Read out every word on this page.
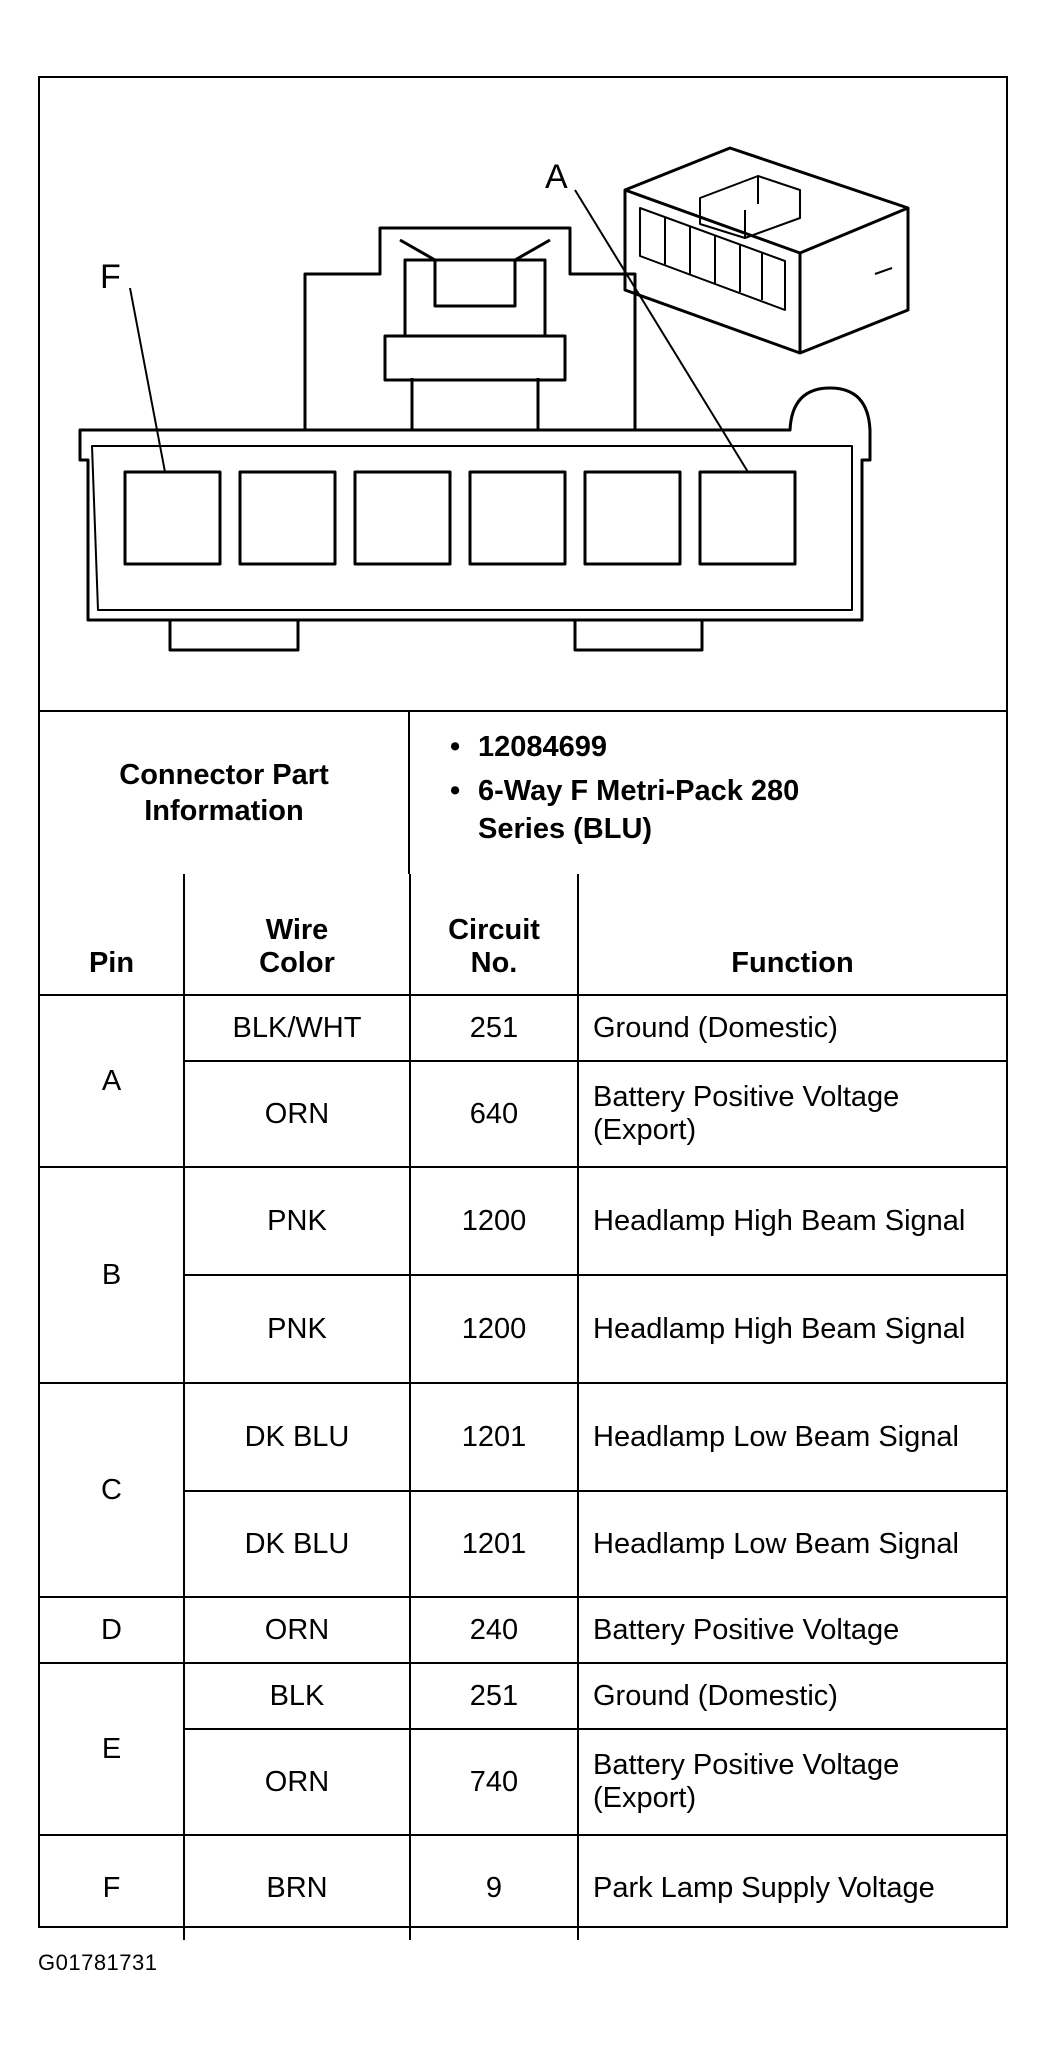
F
A
Connector Part Information
• 12084699
• 6-Way F Metri-Pack 280 Series (BLU)
Pin	Wire Color	Circuit No.	Function
A	BLK/WHT	251	Ground (Domestic)
	ORN	640	Battery Positive Voltage (Export)
B	PNK	1200	Headlamp High Beam Signal
	PNK	1200	Headlamp High Beam Signal
C	DK BLU	1201	Headlamp Low Beam Signal
	DK BLU	1201	Headlamp Low Beam Signal
D	ORN	240	Battery Positive Voltage
E	BLK	251	Ground (Domestic)
	ORN	740	Battery Positive Voltage (Export)
F	BRN	9	Park Lamp Supply Voltage
G01781731
